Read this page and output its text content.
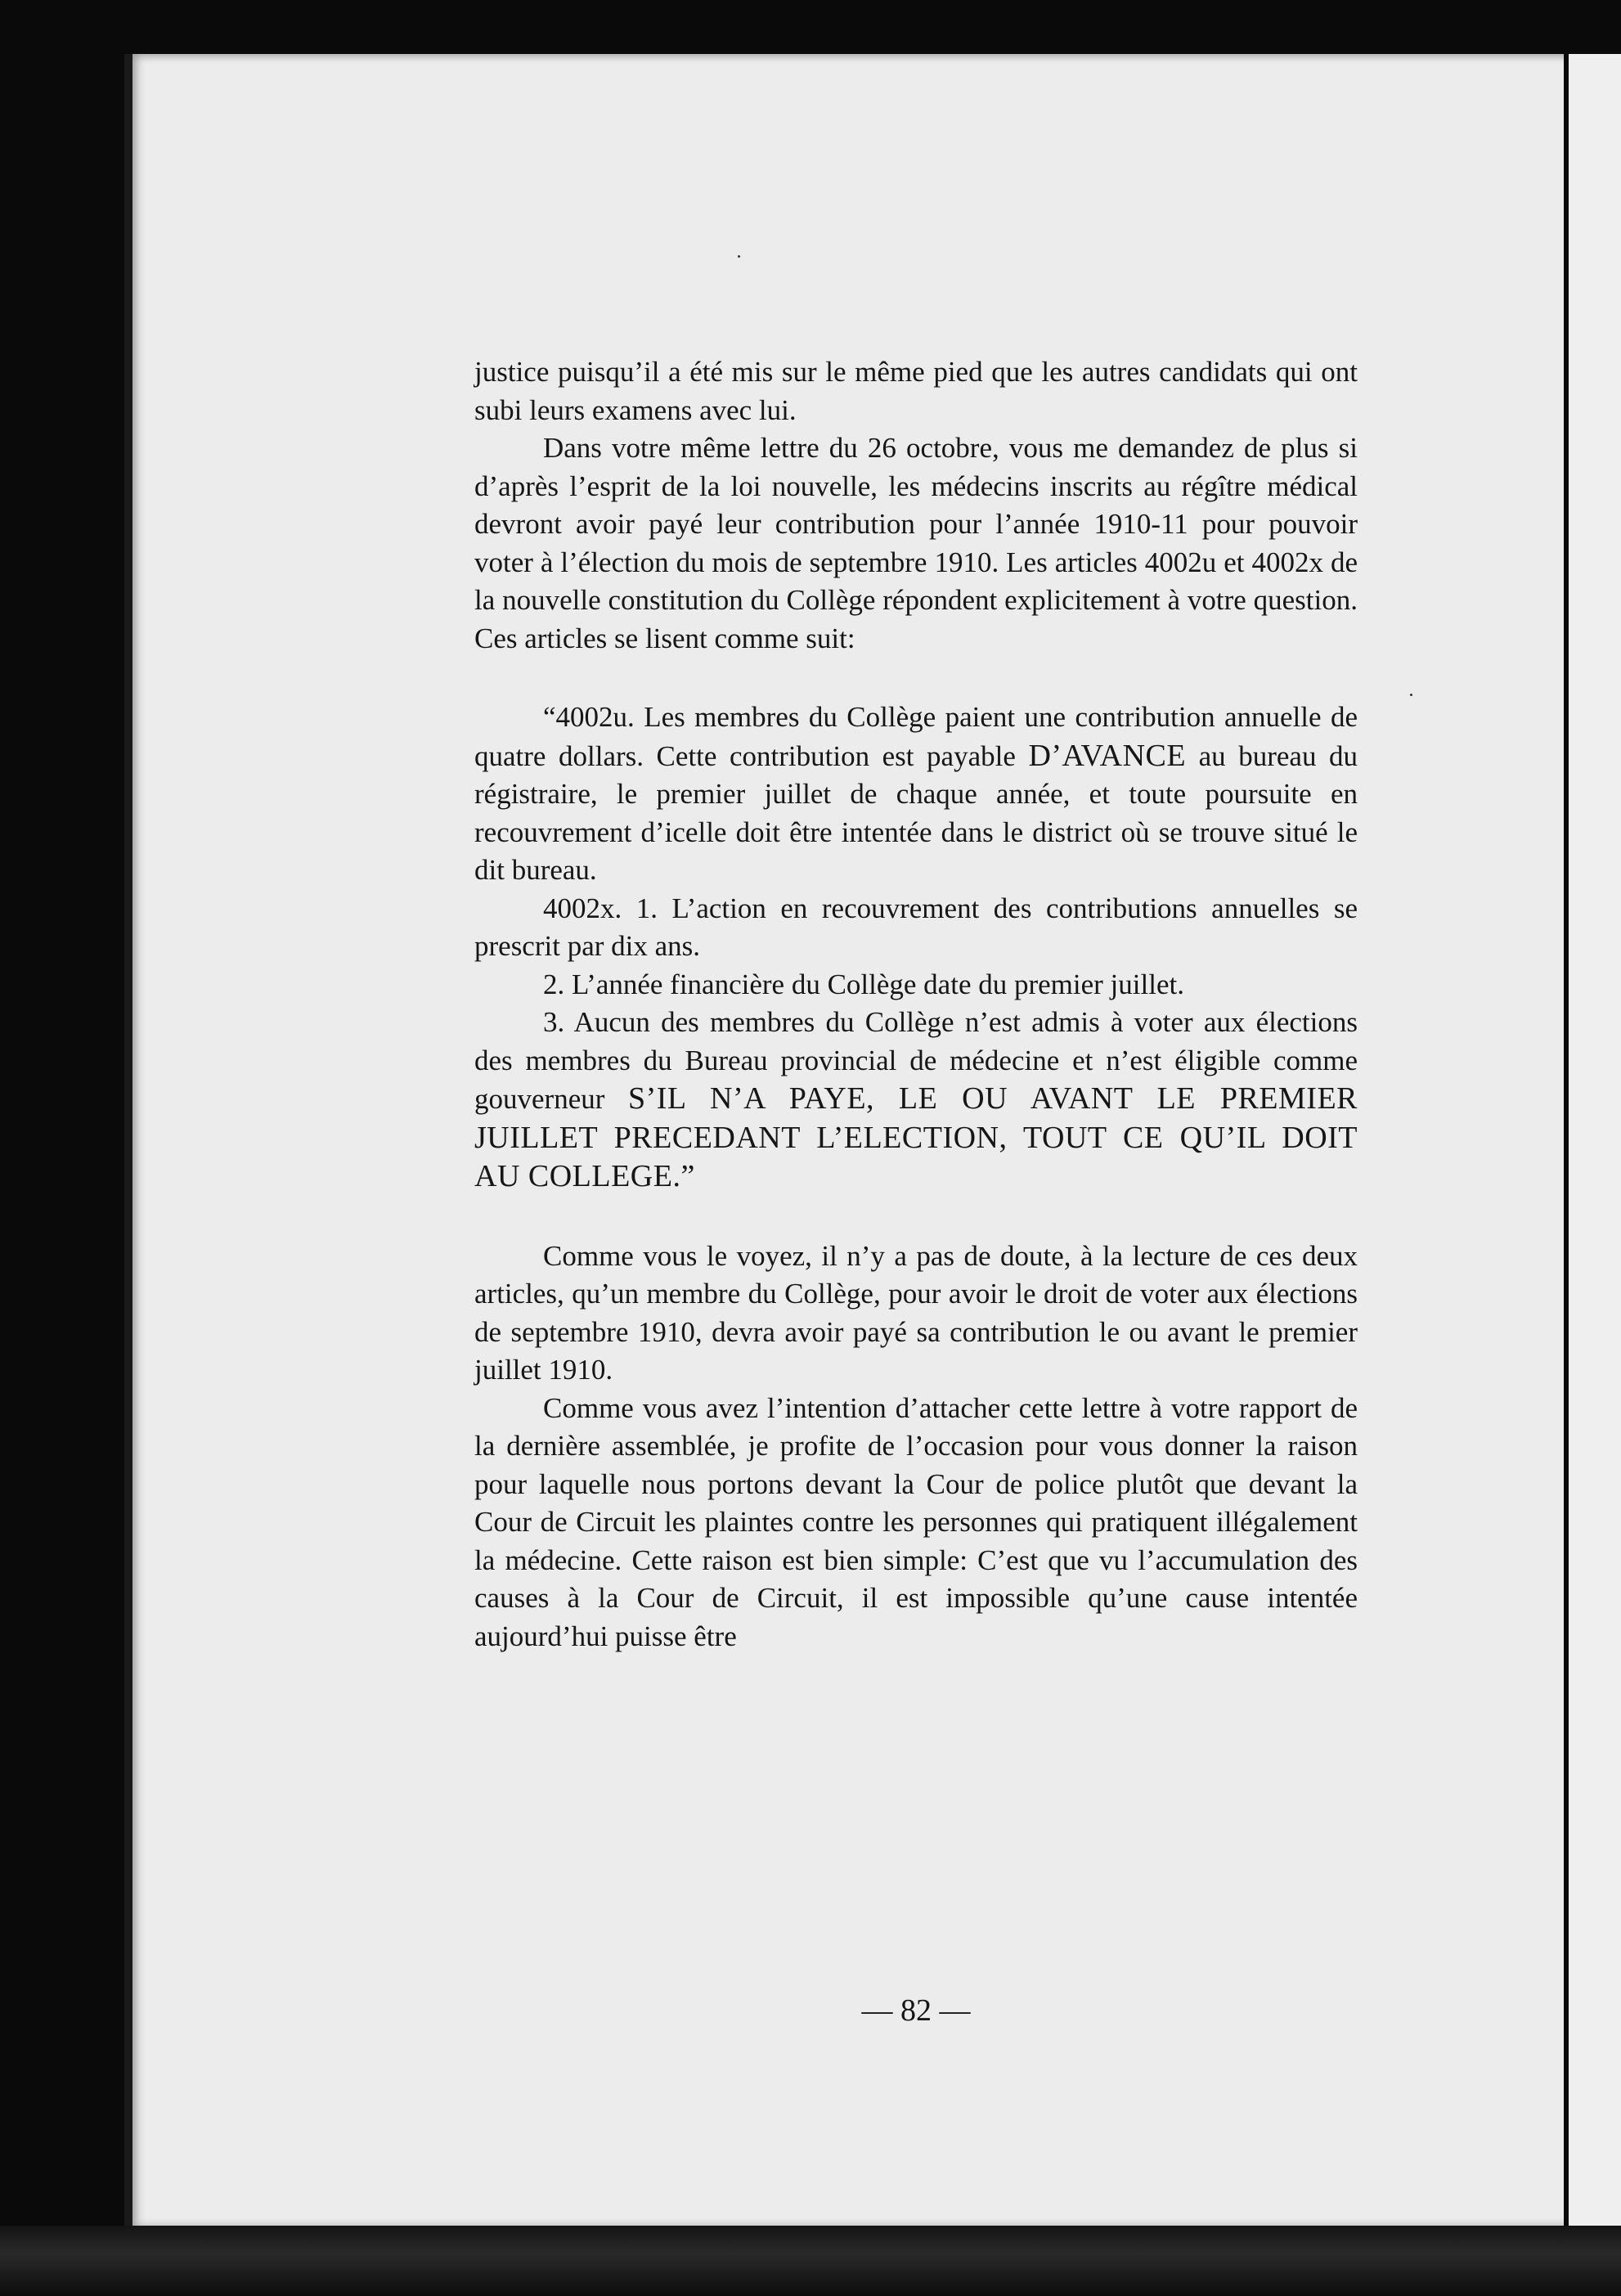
justice puisqu’il a été mis sur le même pied que les autres candidats qui ont subi leurs examens avec lui.

Dans votre même lettre du 26 octobre, vous me demandez de plus si d’après l’esprit de la loi nouvelle, les médecins inscrits au régître médical devront avoir payé leur contribution pour l’année 1910-11 pour pouvoir voter à l’élection du mois de septembre 1910. Les articles 4002u et 4002x de la nouvelle constitution du Collège répondent explicitement à votre question. Ces articles se lisent comme suit:

“4002u. Les membres du Collège paient une contribution annuelle de quatre dollars. Cette contribution est payable D’AVANCE au bureau du régistraire, le premier juillet de chaque année, et toute poursuite en recouvrement d’icelle doit être intentée dans le district où se trouve situé le dit bureau.

4002x. 1. L’action en recouvrement des contributions annuelles se prescrit par dix ans.

2. L’année financière du Collège date du premier juillet.

3. Aucun des membres du Collège n’est admis à voter aux élections des membres du Bureau provincial de médecine et n’est éligible comme gouverneur S’IL N’A PAYE, LE OU AVANT LE PREMIER JUILLET PRECEDANT L’ELECTION, TOUT CE QU’IL DOIT AU COLLEGE.”

Comme vous le voyez, il n’y a pas de doute, à la lecture de ces deux articles, qu’un membre du Collège, pour avoir le droit de voter aux élections de septembre 1910, devra avoir payé sa contribution le ou avant le premier juillet 1910.

Comme vous avez l’intention d’attacher cette lettre à votre rapport de la dernière assemblée, je profite de l’occasion pour vous donner la raison pour laquelle nous portons devant la Cour de police plutôt que devant la Cour de Circuit les plaintes contre les personnes qui pratiquent illégalement la médecine. Cette raison est bien simple: C’est que vu l’accumulation des causes à la Cour de Circuit, il est impossible qu’une cause intentée aujourd’hui puisse être

— 82 —
